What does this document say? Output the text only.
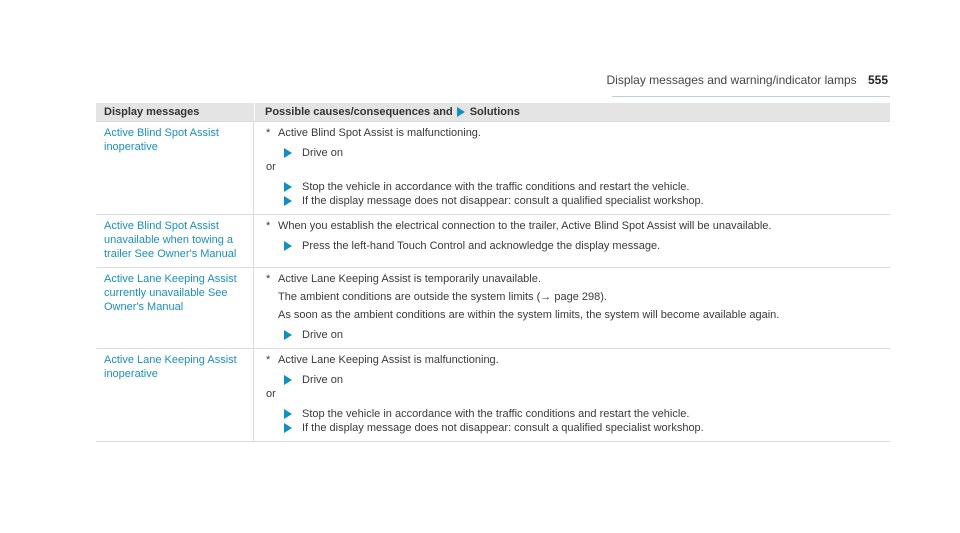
Display messages and warning/indicator lamps 555
Display messages	Possible causes/consequences and Solutions
Active Blind Spot Assist inoperative
* Active Blind Spot Assist is malfunctioning.
Drive on
or
Stop the vehicle in accordance with the traffic conditions and restart the vehicle.
If the display message does not disappear: consult a qualified specialist workshop.
Active Blind Spot Assist unavailable when towing a trailer See Owner's Manual
* When you establish the electrical connection to the trailer, Active Blind Spot Assist will be unavailable.
Press the left-hand Touch Control and acknowledge the display message.
Active Lane Keeping Assist currently unavailable See Owner's Manual
* Active Lane Keeping Assist is temporarily unavailable.
The ambient conditions are outside the system limits (→ page 298).
As soon as the ambient conditions are within the system limits, the system will become available again.
Drive on
Active Lane Keeping Assist inoperative
* Active Lane Keeping Assist is malfunctioning.
Drive on
or
Stop the vehicle in accordance with the traffic conditions and restart the vehicle.
If the display message does not disappear: consult a qualified specialist workshop.
